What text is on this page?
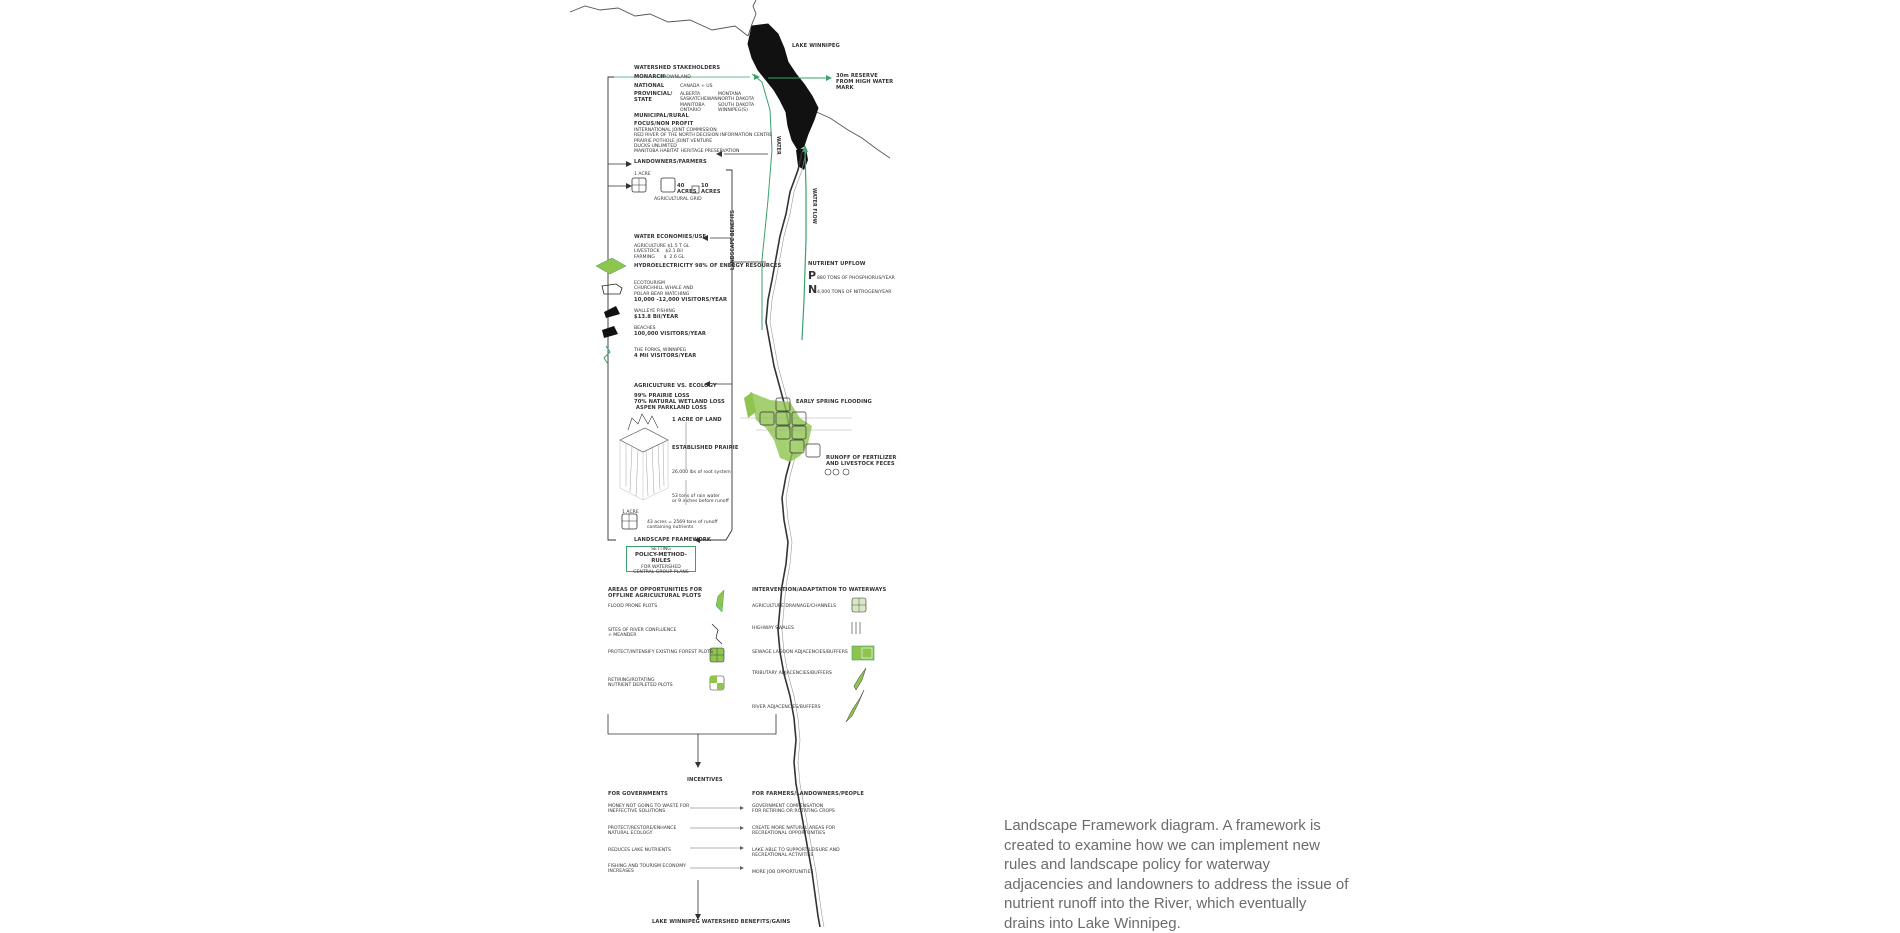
LAKE WINNIPEG
30m RESERVE
FROM HIGH WATER
MARK
WATERSHED STAKEHOLDERS
MONARCH
CROWNLAND
NATIONAL	CANADA + US
PROVINCIAL/
STATE
ALBERTA
SASKATCHEWAN
MANITOBA
ONTARIO
MONTANA
NORTH DAKOTA
SOUTH DAKOTA
WINNIPEG(S)
MUNICIPAL/RURAL
FOCUS/NON PROFIT
INTERNATIONAL JOINT COMMISSION
RED RIVER OF THE NORTH DECISION INFORMATION CENTRE
PRAIRIE POTHOLE JOINT VENTURE
DUCKS UNLIMITED
MANITOBA HABITAT HERITAGE PRESERVATION
LANDOWNERS/FARMERS
1 ACRE
40
ACRES
10
ACRES
AGRICULTURAL GRID
WATER ECONOMIES/USE
AGRICULTURE $1.5 T GL
LIVESTOCK    $2.1 Bil
FARMING      $  2.6 GL
HYDROELECTRICITY 98% OF ENERGY RESOURCES
ECOTOURISM
CHURCHHILL WHALE AND
POLAR BEAR WATCHING
10,000 -12,000 VISITORS/YEAR
WALLEYE FISHING
$13.8 Bil/YEAR
BEACHES
100,000 VISITORS/YEAR
THE FORKS, WINNIPEG
4 Mil VISITORS/YEAR
AGRICULTURE VS. ECOLOGY
99% PRAIRIE LOSS
70% NATURAL WETLAND LOSS
ASPEN PARKLAND LOSS
1 ACRE OF LAND
ESTABLISHED PRAIRIE
26,000 lbs of root system
53 tons of rain water
or 9 inches before runoff
1 ACRE
43 acres = 2569 tons of runoff
containing nutrients
LANDSCAPE FRAMEWORK
SETTING
POLICY-METHOD-RULES
FOR WATERSHED
CENTRAL GROUP PLANS
WATER
WATER FLOW
LANDSCAPE BENEFITS	NUTRIENT UPFLOW
P 880 TONS OF PHOSPHORUS/YEAR
N 4,000 TONS OF NITROGEN/YEAR
EARLY SPRING FLOODING
RUNOFF OF FERTILIZER
AND LIVESTOCK FECES
AREAS OF OPPORTUNITIES FOR
OFFLINE AGRICULTURAL PLOTS
FLOOD PRONE PLOTS
SITES OF RIVER CONFLUENCE
+ MEANDER
PROTECT/INTENSIFY EXISTING FOREST PLOTS
RETIRING/ROTATING
NUTRIENT DEPLETED PLOTS
INTERVENTION/ADAPTATION TO WATERWAYS
AGRICULTURE DRAINAGE/CHANNELS
HIGHWAY SWALES
SEWAGE LAGOON ADJACENCIES/BUFFERS
TRIBUTARY ADJACENCIES/BUFFERS
RIVER ADJACENCIES/BUFFERS
INCENTIVES
FOR GOVERNMENTS
MONEY NOT GOING TO WASTE FOR
INEFFECTIVE SOLUTIONS
PROTECT/RESTORE/ENHANCE
NATURAL ECOLOGY
REDUCES LAKE NUTRIENTS
FISHING AND TOURISM ECONOMY
INCREASES
FOR FARMERS/LANDOWNERS/PEOPLE
GOVERNMENT COMPENSATION
FOR RETIRING OR ROTATING CROPS
CREATE MORE NATURAL AREAS FOR
RECREATIONAL OPPORTUNITIES
LAKE ABLE TO SUPPORT LEISURE AND
RECREATIONAL ACTIVITIES
MORE JOB OPPORTUNITIES
LAKE WINNIPEG WATERSHED BENEFITS/GAINS
Landscape Framework diagram. A framework is created to examine how we can implement new rules and landscape policy for waterway adjacencies and landowners to address the issue of nutrient runoff into the River, which eventually drains into Lake Winnipeg.
